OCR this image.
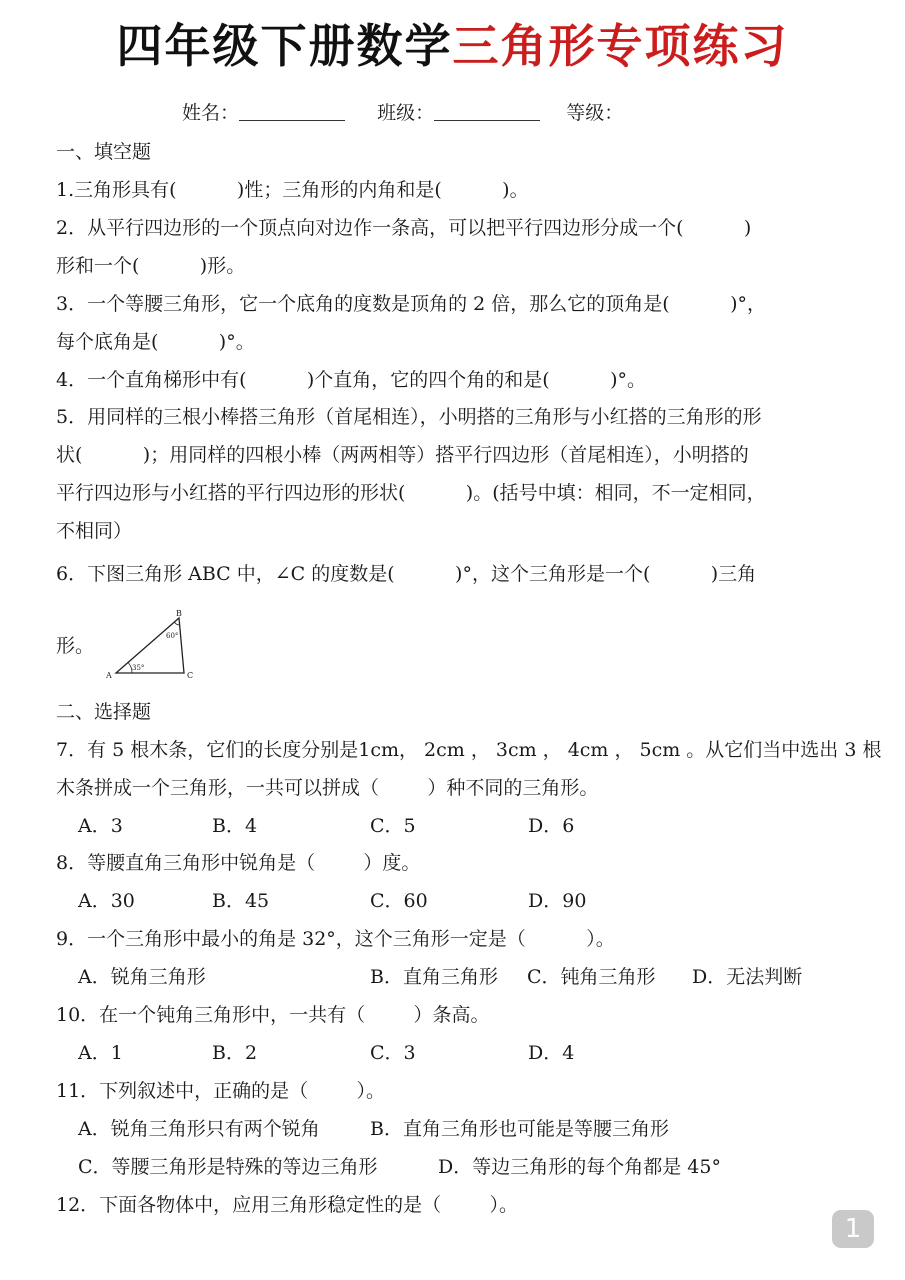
四年级下册数学三角形专项练习
姓名：	班级：	等级：
一、填空题
1.三角形具有(          )性；三角形的内角和是(          )。
2．从平行四边形的一个顶点向对边作一条高，可以把平行四边形分成一个(          )
形和一个(          )形。
3．一个等腰三角形，它一个底角的度数是顶角的 2 倍，那么它的顶角是(          )°，
每个底角是(          )°。
4．一个直角梯形中有(          )个直角，它的四个角的和是(          )°。
5．用同样的三根小棒搭三角形（首尾相连），小明搭的三角形与小红搭的三角形的形
状(          )；用同样的四根小棒（两两相等）搭平行四边形（首尾相连），小明搭的
平行四边形与小红搭的平行四边形的形状(          )。(括号中填：相同，不一定相同，
不相同）
6．下图三角形 ABC 中，∠C 的度数是(          )°，这个三角形是一个(          )三角
形。
A
B
C
35°
60°
二、选择题
7．有 5 根木条，它们的长度分别是1cm， 2cm ， 3cm ， 4cm ， 5cm 。从它们当中选出 3 根
木条拼成一个三角形，一共可以拼成（        ）种不同的三角形。
A．3	B．4	C．5	D．6
8．等腰直角三角形中锐角是（        ）度。
A．30	B．45	C．60	D．90
9．一个三角形中最小的角是 32°，这个三角形一定是（          ）。
A．锐角三角形	B．直角三角形 C．钝角三角形 D．无法判断
10．在一个钝角三角形中，一共有（        ）条高。
A．1	B．2	C．3	D．4
11．下列叙述中，正确的是（        ）。
A．锐角三角形只有两个锐角	B．直角三角形也可能是等腰三角形
C．等腰三角形是特殊的等边三角形	D．等边三角形的每个角都是 45°
12．下面各物体中，应用三角形稳定性的是（        ）。
1
